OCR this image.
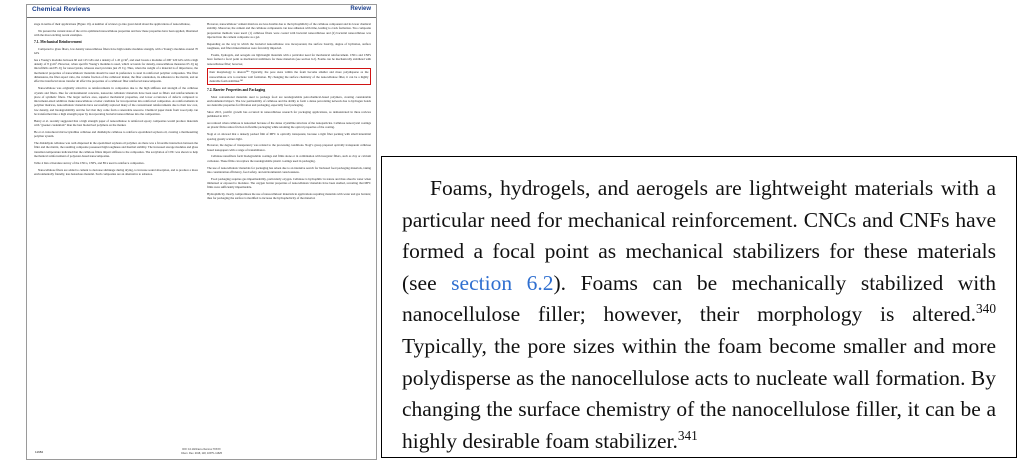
Chemical Reviews	Review

stage in terms of their applications (Figure 19). A number of reviews go into great detail about the applications of nanocellulose,

We present the current state of the art in optimized nanocellulose properties and how these properties have been applied, illustrated with the most exciting recent examples.

7.1. Mechanical Reinforcement

Compared to glass fibers, low density nanocellulose fibers have high tensile modulus strength, with a Young’s modulus around 70 GPa

has a Young’s modulus between 60 and 125 GPa and a density of 1.45 g/cm³, and steel boasts a modulus of 200−220 GPa with a high density of 8 g/cm³. However, when specific Young’s modulus is used, which accounts for density, nanocellulose measures 65 J/g kg microfibrils and 85 J/g for nanocrystals, whereas steel provides just 25 J/g. Thus, when the weight of a material is of importance, the mechanical properties of nanocellulosic materials should be used in preference to steel in reinforced polymer composites. The fiber dimensions, the fiber aspect ratio, the volume fraction of the cellulosic matter, the fiber orientation, its adhesion to the matrix, and an effective interfacial stress transfer all affect the properties of a cellulosic fiber reinforced nanocomposite.

Nanocellulose was originally attractive as reinforcements in composites due to the high stiffness and strength of the cellulose crystals and fibers. Due for environmental concerns, nanoscale cellulosic materials have been used as fillers and reinforcements in place of synthetic fibers. The larger surface area, superior mechanical properties, and lower occurrence of defects compared to micrometer-sized additives make nanocellulose a better candidate for incorporation into reinforced composites. As reinforcements in polymer matrices, nanocellulosic materials have successfully replaced many of the conventional reinforcements due to their low cost, low density, and biodegradability and the fact that they come from a renewable resource. Chemical paper made from wood pulp can be transformed into a high strength paper by incorporating bacterial nanocellulose into the composition.

Henry et al. recently suggested that a high strength paper of nanocellulose is reinforced epoxy composites would produce materials with “greener credentials” than the best bioderived polymers on the market.

He et al. introduced microcrystalline cellulose and dialdehyde cellulose to reinforce epoxidized soybean oil, creating a thermosetting polymer system.

The dialdehyde cellulose was well-dispersed in the epoxidized soybean oil polymer. As there was a favorable interaction between the filler and the matrix, the resulting composite possessed high toughness and thermal stability. The increased storage modulus and glass transition temperature indicated that the cellulose fillers impart stiffness to the composites. The acetylation of CNC was shown to help mechanical reinforcement of polyester-based nanocomposites.

Table 4 lists a literature survey of the CNCs, CNFs, and BCs used to reinforce composites.

Nanocellulose fibers are added to cement to decrease shrinkage during drying, to increase sound absorption, and to produce a more environmentally friendly, less hazardous material. Such composites are an alternative to asbestos.

However, nanocellulose−cement matrices are less durable due to the hydrophilicity of the cellulose component and its lower chemical stability. Moreover, the cement and the cellulose components can lose adhesion with time, leading to crack formation. Two composite preparation methods were used: (1) cellulose fibers were coated with bacterial nanocellulose and (2) bacterial nanocellulose was injected into the cement composite as a gel.

Depending on the way in which the bacterial nanocellulose was incorporated, the surface basicity, degree of hydration, surface roughness, and fiber mineralization were favorably impacted.

Foams, hydrogels, and aerogels are lightweight materials with a particular need for mechanical reinforcement. CNCs and CNFs have formed a focal point as mechanical stabilizers for these materials (see section 6.2). Foams can be mechanically stabilized with nanocellulose filler; however,

their morphology is altered.³⁴⁰ Typically, the pore sizes within the foam become smaller and more polydisperse as the nanocellulose acts to nucleate wall formation. By changing the surface chemistry of the nanocellulose filler, it can be a highly desirable foam stabilizer.³⁴¹

7.2. Barrier Properties and Packaging

Most conventional materials used to package food are nondegradable petrochemical-based polymers, creating considerable environmental impact. The low permeability of cellulose and the ability to form a dense percolating network due to hydrogen bonds are desirable properties for filtration and packaging, especially food packaging.

Since 2015, prolific growth has occurred in nanocellulose research for packaging applications, as demonstrated in three reviews published in 2017.

are reduced when cellulose is nanosized because of the dense crystalline structure of the nanoparticles. Cellulose nanocrystal coatings on plastic films reduce friction in flexible packaging while retaining the optical properties of the coating.

Nogi et al. showed that a densely packed film of MFC is optically transparent, because a tight fiber packing with small interstitial spacing greatly scatters light.

However, the degree of transparency was related to the processing conditions. Nogi’s group prepared optically transparent cellulose based nanopapers with a range of transmittance.

Cellulose nanofibers form biodegradable coatings and films alone or in combination with inorganic fillers, such as clay or calcium carbonate. These films can replace the nondegradable plastic coatings used in packaging.

The use of nanocellulosic materials for packaging has arisen due to an intensive search for biobased food packaging materials, taking into consideration efficiency, food safety, and environmental consciousness.

Food packaging requires gas impermeability, particularly oxygen. Cellulose is hydrophilic in nature and thus absorbs water when immersed or exposed to moisture. The oxygen barrier properties of nanocellulosic materials have been studied, revealing that MFC films were sufficiently impermeable.

Hydrophilicity clearly compromises the use of nanocellulosic materials in applications requiring materials with water and gas barriers; thus for packaging the surface is modified to increase the hydrophobicity of the material.

11682
DOI: 10.1021/acs.chemrev.7XXXX
Chem. Rev. 2018, 118, 11575−11625

Foams, hydrogels, and aerogels are lightweight materials with a particular need for mechanical reinforcement. CNCs and CNFs have formed a focal point as mechanical stabilizers for these materials (see section 6.2). Foams can be mechanically stabilized with nanocellulose filler; however, their morphology is altered.$^{340}$ Typically, the pore sizes within the foam become smaller and more polydisperse as the nanocellulose acts to nucleate wall formation. By changing the surface chemistry of the nanocellulose filler, it can be a highly desirable foam stabilizer.$^{341}$
